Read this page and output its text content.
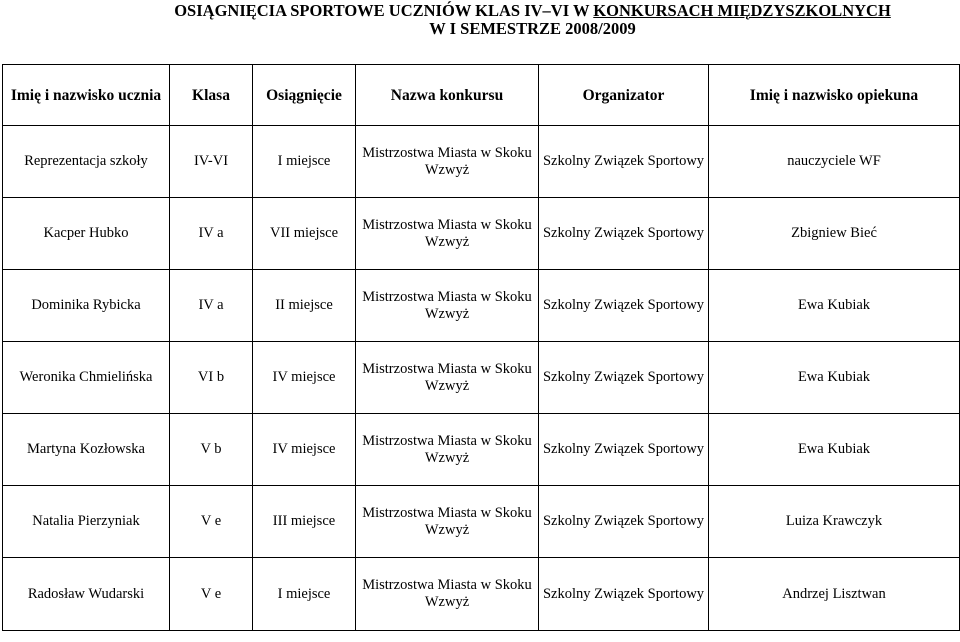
OSIĄGNIĘCIA SPORTOWE UCZNIÓW KLAS IV–VI W KONKURSACH MIĘDZYSZKOLNYCH
W I SEMESTRZE 2008/2009
Imię i nazwisko ucznia	Klasa	Osiągnięcie	Nazwa konkursu	Organizator	Imię i nazwisko opiekuna
Reprezentacja szkoły	IV-VI	I miejsce	Mistrzostwa Miasta w Skoku Wzwyż	Szkolny Związek Sportowy	nauczyciele WF
Kacper Hubko	IV a	VII miejsce	Mistrzostwa Miasta w Skoku Wzwyż	Szkolny Związek Sportowy	Zbigniew Bieć
Dominika Rybicka	IV a	II miejsce	Mistrzostwa Miasta w Skoku Wzwyż	Szkolny Związek Sportowy	Ewa Kubiak
Weronika Chmielińska	VI b	IV miejsce	Mistrzostwa Miasta w Skoku Wzwyż	Szkolny Związek Sportowy	Ewa Kubiak
Martyna Kozłowska	V b	IV miejsce	Mistrzostwa Miasta w Skoku Wzwyż	Szkolny Związek Sportowy	Ewa Kubiak
Natalia Pierzyniak	V e	III miejsce	Mistrzostwa Miasta w Skoku Wzwyż	Szkolny Związek Sportowy	Luiza Krawczyk
Radosław Wudarski	V e	I miejsce	Mistrzostwa Miasta w Skoku Wzwyż	Szkolny Związek Sportowy	Andrzej Lisztwan
